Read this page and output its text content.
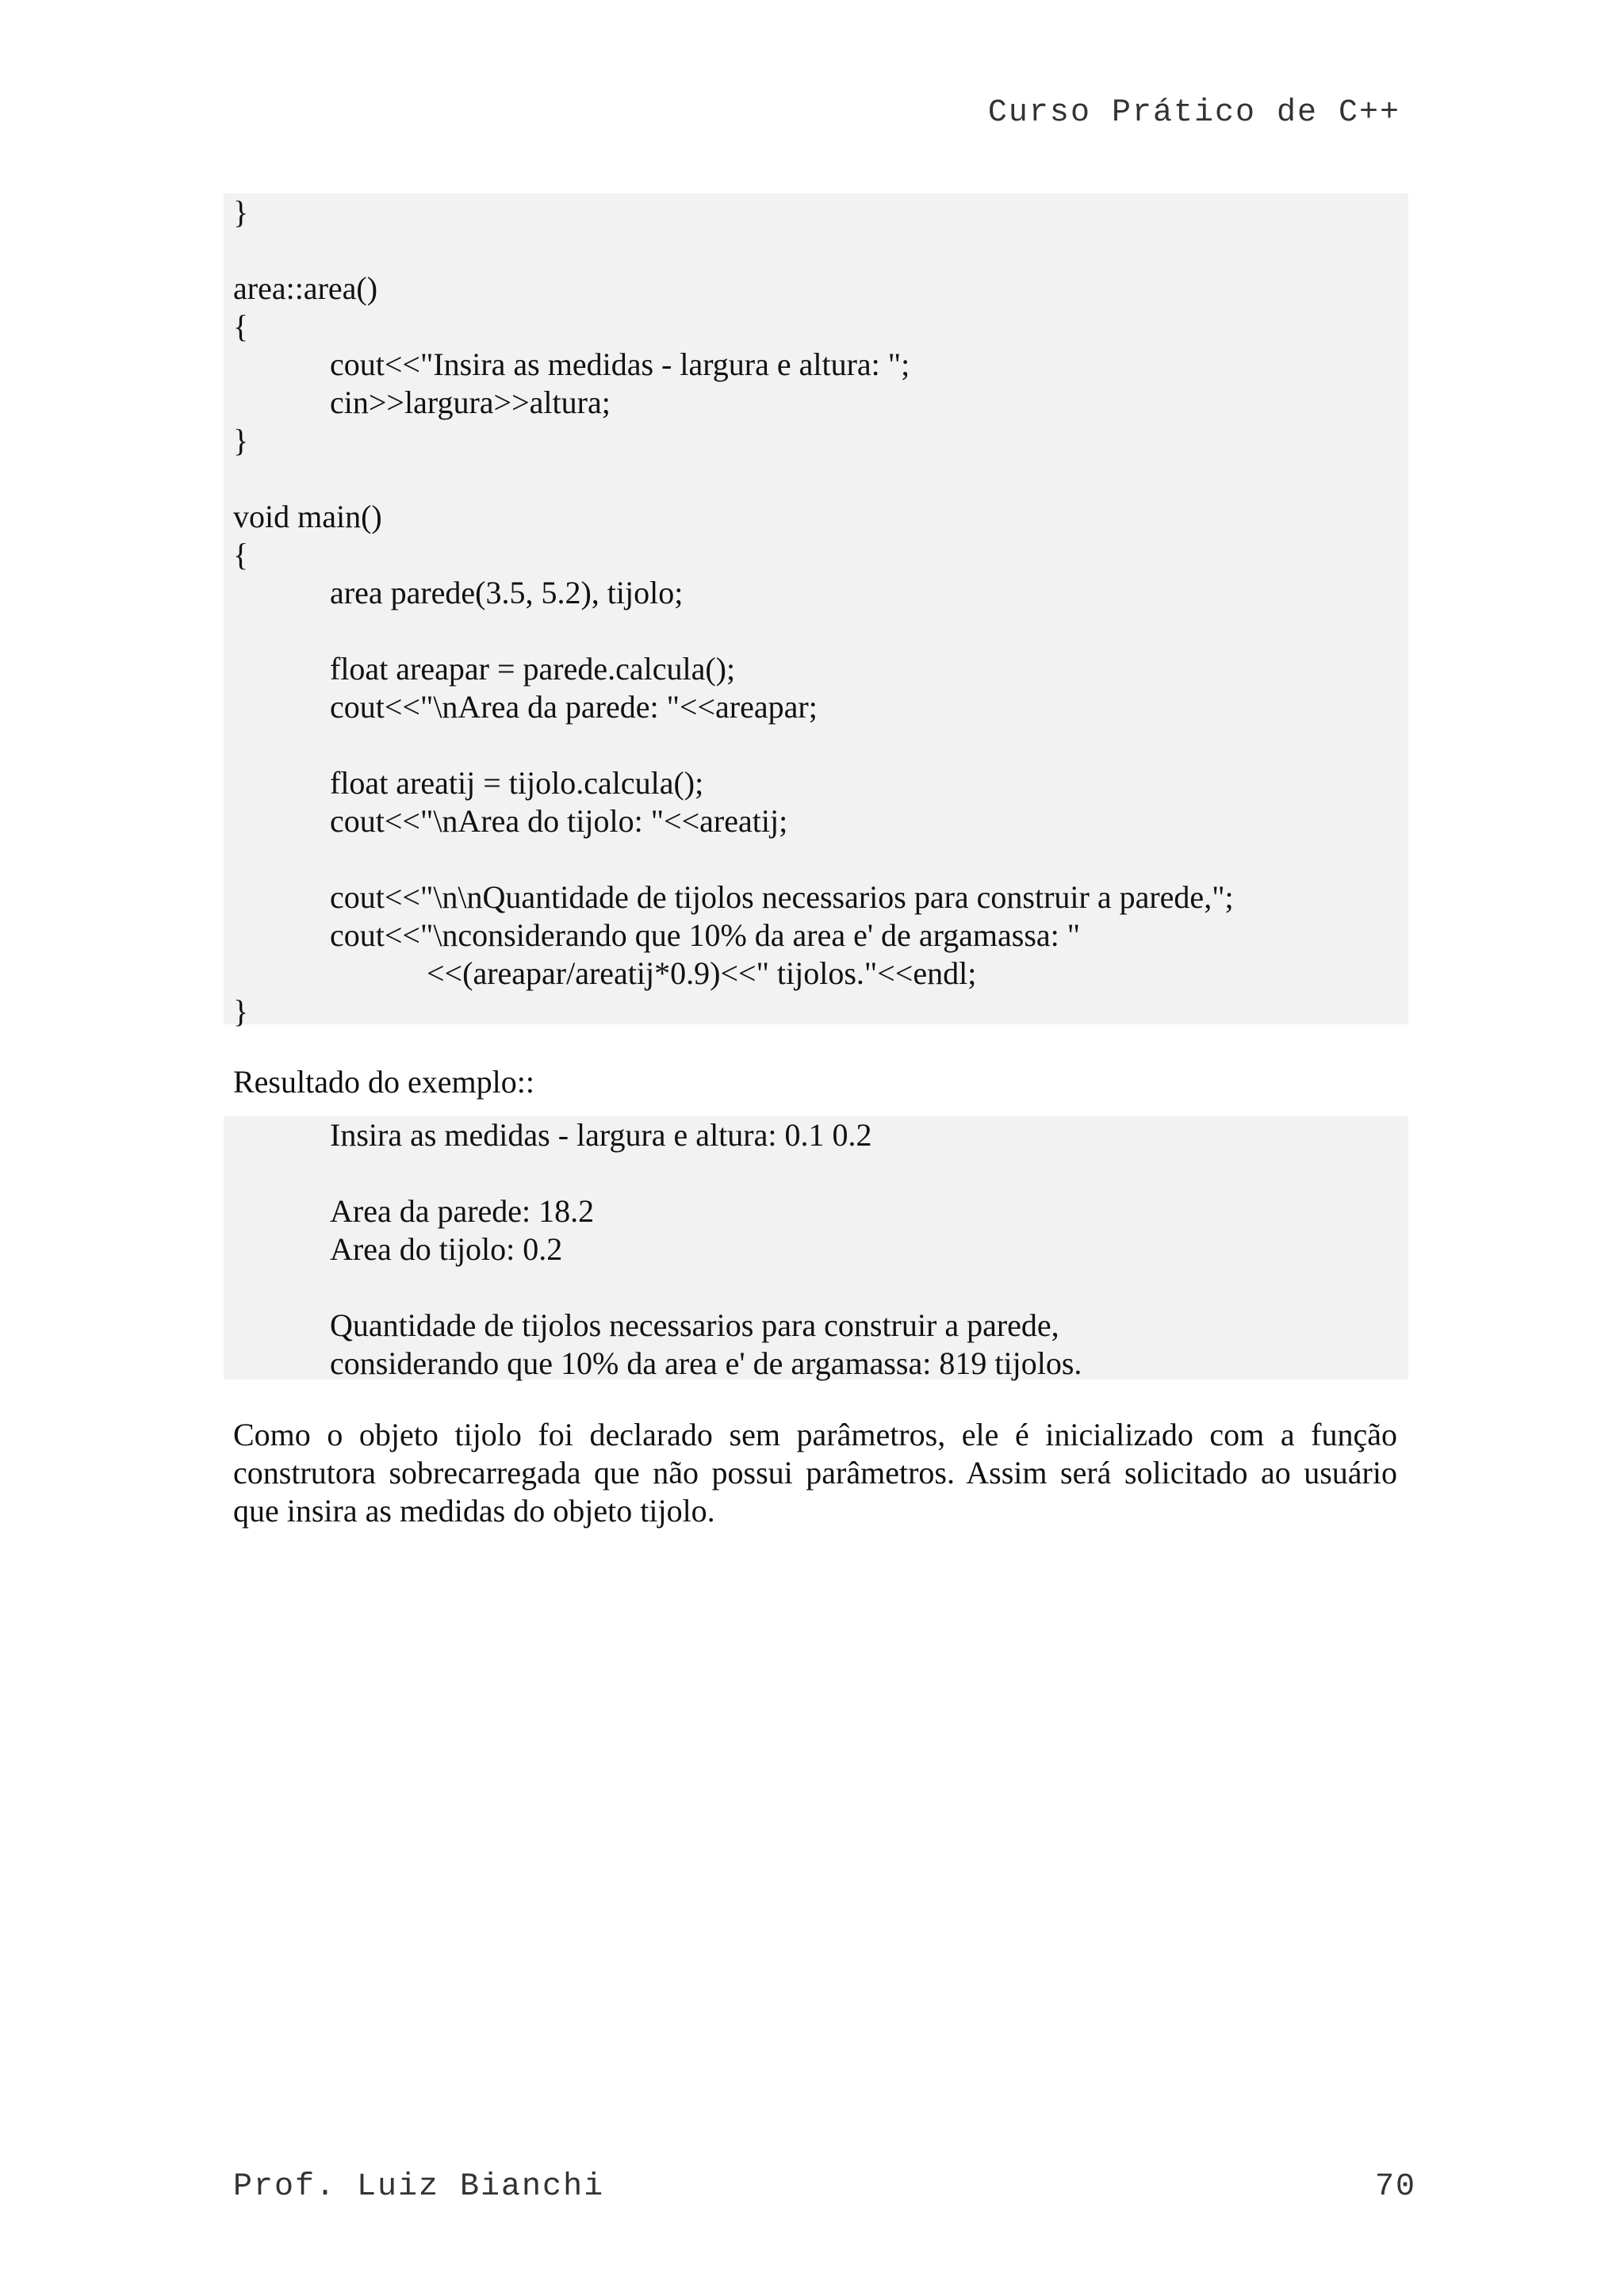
Curso Prático de C++
}
area::area()
{
cout<<"Insira as medidas - largura e altura: ";
cin>>largura>>altura;
}
void main()
{
area parede(3.5, 5.2), tijolo;
float areapar = parede.calcula();
cout<<"\nArea da parede: "<<areapar;
float areatij = tijolo.calcula();
cout<<"\nArea do tijolo: "<<areatij;
cout<<"\n\nQuantidade de tijolos necessarios para construir a parede,";
cout<<"\nconsiderando que 10% da area e' de argamassa: "
<<(areapar/areatij*0.9)<<" tijolos."<<endl;
}
Resultado do exemplo::
Insira as medidas - largura e altura: 0.1 0.2
Area da parede: 18.2
Area do tijolo: 0.2
Quantidade de tijolos necessarios para construir a parede,
considerando que 10% da area e' de argamassa: 819 tijolos.
Como o objeto tijolo foi declarado sem parâmetros, ele é inicializado com a função
construtora sobrecarregada que não possui parâmetros. Assim será solicitado ao usuário
que insira as medidas do objeto tijolo.
Prof. Luiz Bianchi	70
